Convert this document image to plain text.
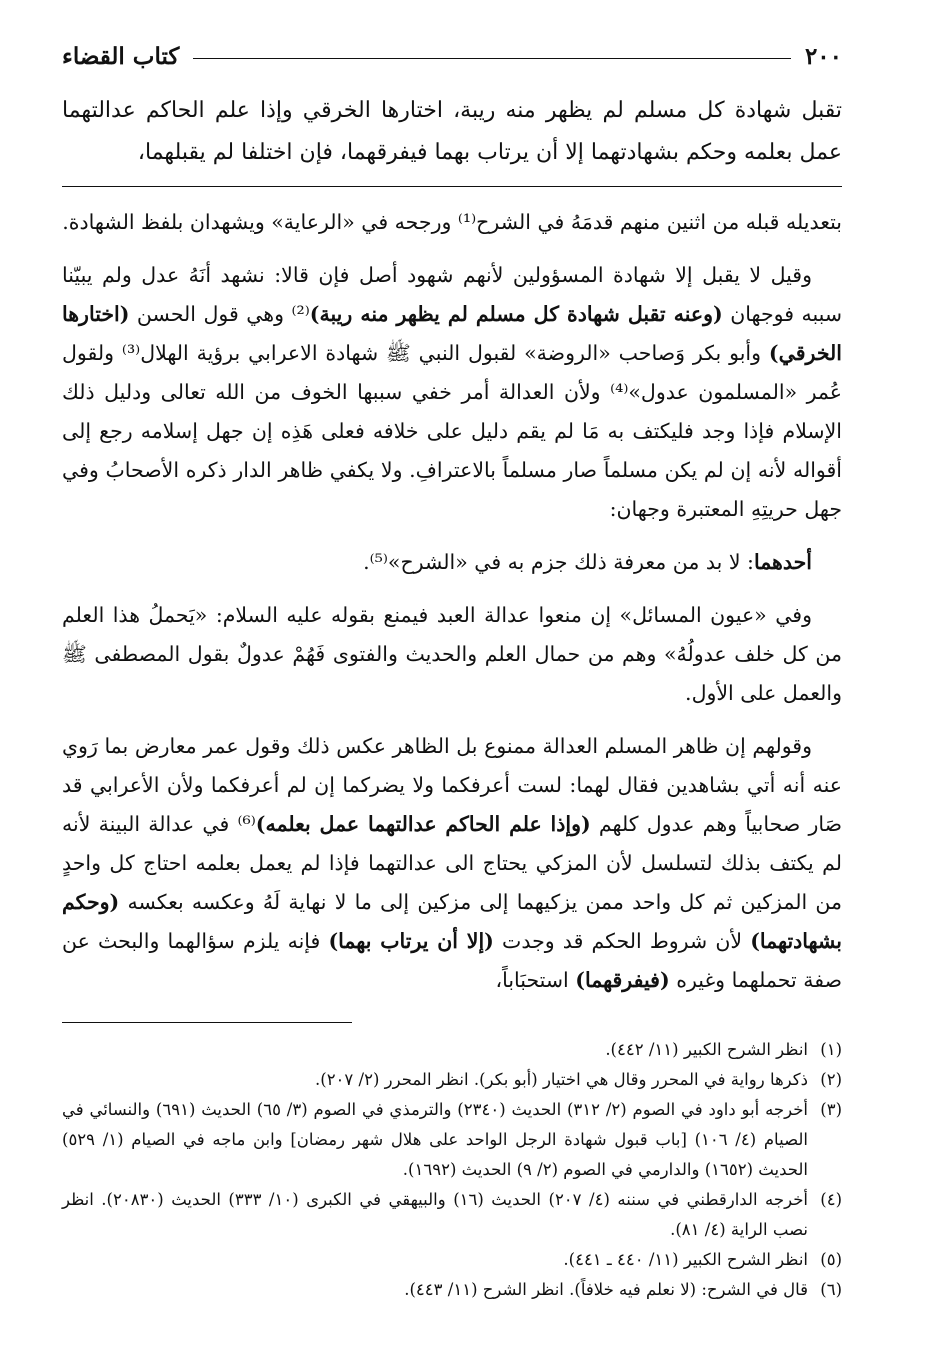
٢٠٠
كتاب القضاء
تقبل شهادة كل مسلم لم يظهر منه ريبة، اختارها الخرقي وإذا علم الحاكم عدالتهما عمل بعلمه وحكم بشهادتهما إلا أن يرتاب بهما فيفرقهما، فإن اختلفا لم يقبلهما،

بتعديله قبله من اثنين منهم قدمَهُ في الشرح⁽¹⁾ ورجحه في «الرعاية» ويشهدان بلفظ الشهادة.

وقيل لا يقبل إلا شهادة المسؤولين لأنهم شهود أصل فإن قالا: نشهد أنَهُ عدل ولم يبيّنا سببه فوجهان (وعنه تقبل شهادة كل مسلم لم يظهر منه ريبة)⁽²⁾ وهي قول الحسن (اختارها الخرقي) وأبو بكر وَصاحب «الروضة» لقبول النبي ﷺ شهادة الاعرابي برؤية الهلال⁽³⁾ ولقول عُمر «المسلمون عدول»⁽⁴⁾ ولأن العدالة أمر خفي سببها الخوف من الله تعالى ودليل ذلك الإسلام فإذا وجد فليكتف به مَا لم يقم دليل على خلافه فعلى هَذِه إن جهل إسلامه رجع إلى أقواله لأنه إن لم يكن مسلماً صار مسلماً بالاعترافِ. ولا يكفي ظاهر الدار ذكره الأصحابُ وفي جهل حريتِهِ المعتبرة وجهان:

أحدهما: لا بد من معرفة ذلك جزم به في «الشرح»⁽⁵⁾.

وفي «عيون المسائل» إن منعوا عدالة العبد فيمنع بقوله عليه السلام: «يَحملُ هذا العلم من كل خلف عدولُهُ» وهم من حمال العلم والحديث والفتوى فَهُمْ عدولٌ بقول المصطفى ﷺ والعمل على الأول.

وقولهم إن ظاهر المسلم العدالة ممنوع بل الظاهر عكس ذلك وقول عمر معارض بما رَوي عنه أنه أتي بشاهدين فقال لهما: لست أعرفكما ولا يضركما إن لم أعرفكما ولأن الأعرابي قد صَار صحابياً وهم عدول كلهم (وإذا علم الحاكم عدالتهما عمل بعلمه)⁽⁶⁾ في عدالة البينة لأنه لم يكتف بذلك لتسلسل لأن المزكي يحتاج الى عدالتهما فإذا لم يعمل بعلمه احتاج كل واحدٍ من المزكين ثم كل واحد ممن يزكيهما إلى مزكين إلى ما لا نهاية لَهُ وعكسه بعكسه (وحكم بشهادتهما) لأن شروط الحكم قد وجدت (إلا أن يرتاب بهما) فإنه يلزم سؤالهما والبحث عن صفة تحملهما وغيره (فيفرقهما) استحبَاباً،

(١)
انظر الشرح الكبير (١١/ ٤٤٢).
(٢)
ذكرها رواية في المحرر وقال هي اختيار (أبو بكر). انظر المحرر (٢/ ٢٠٧).
(٣)
أخرجه أبو داود في الصوم (٢/ ٣١٢) الحديث (٢٣٤٠) والترمذي في الصوم (٣/ ٦٥) الحديث (٦٩١) والنسائي في الصيام (٤/ ١٠٦) [باب قبول شهادة الرجل الواحد على هلال شهر رمضان] وابن ماجه في الصيام (١/ ٥٢٩) الحديث (١٦٥٢) والدارمي في الصوم (٢/ ٩) الحديث (١٦٩٢).
(٤)
أخرجه الدارقطني في سننه (٤/ ٢٠٧) الحديث (١٦) والبيهقي في الكبرى (١٠/ ٣٣٣) الحديث (٢٠٨٣٠). انظر نصب الراية (٤/ ٨١).
(٥)
انظر الشرح الكبير (١١/ ٤٤٠ ـ ٤٤١).
(٦)
قال في الشرح: (لا نعلم فيه خلافاً). انظر الشرح (١١/ ٤٤٣).
